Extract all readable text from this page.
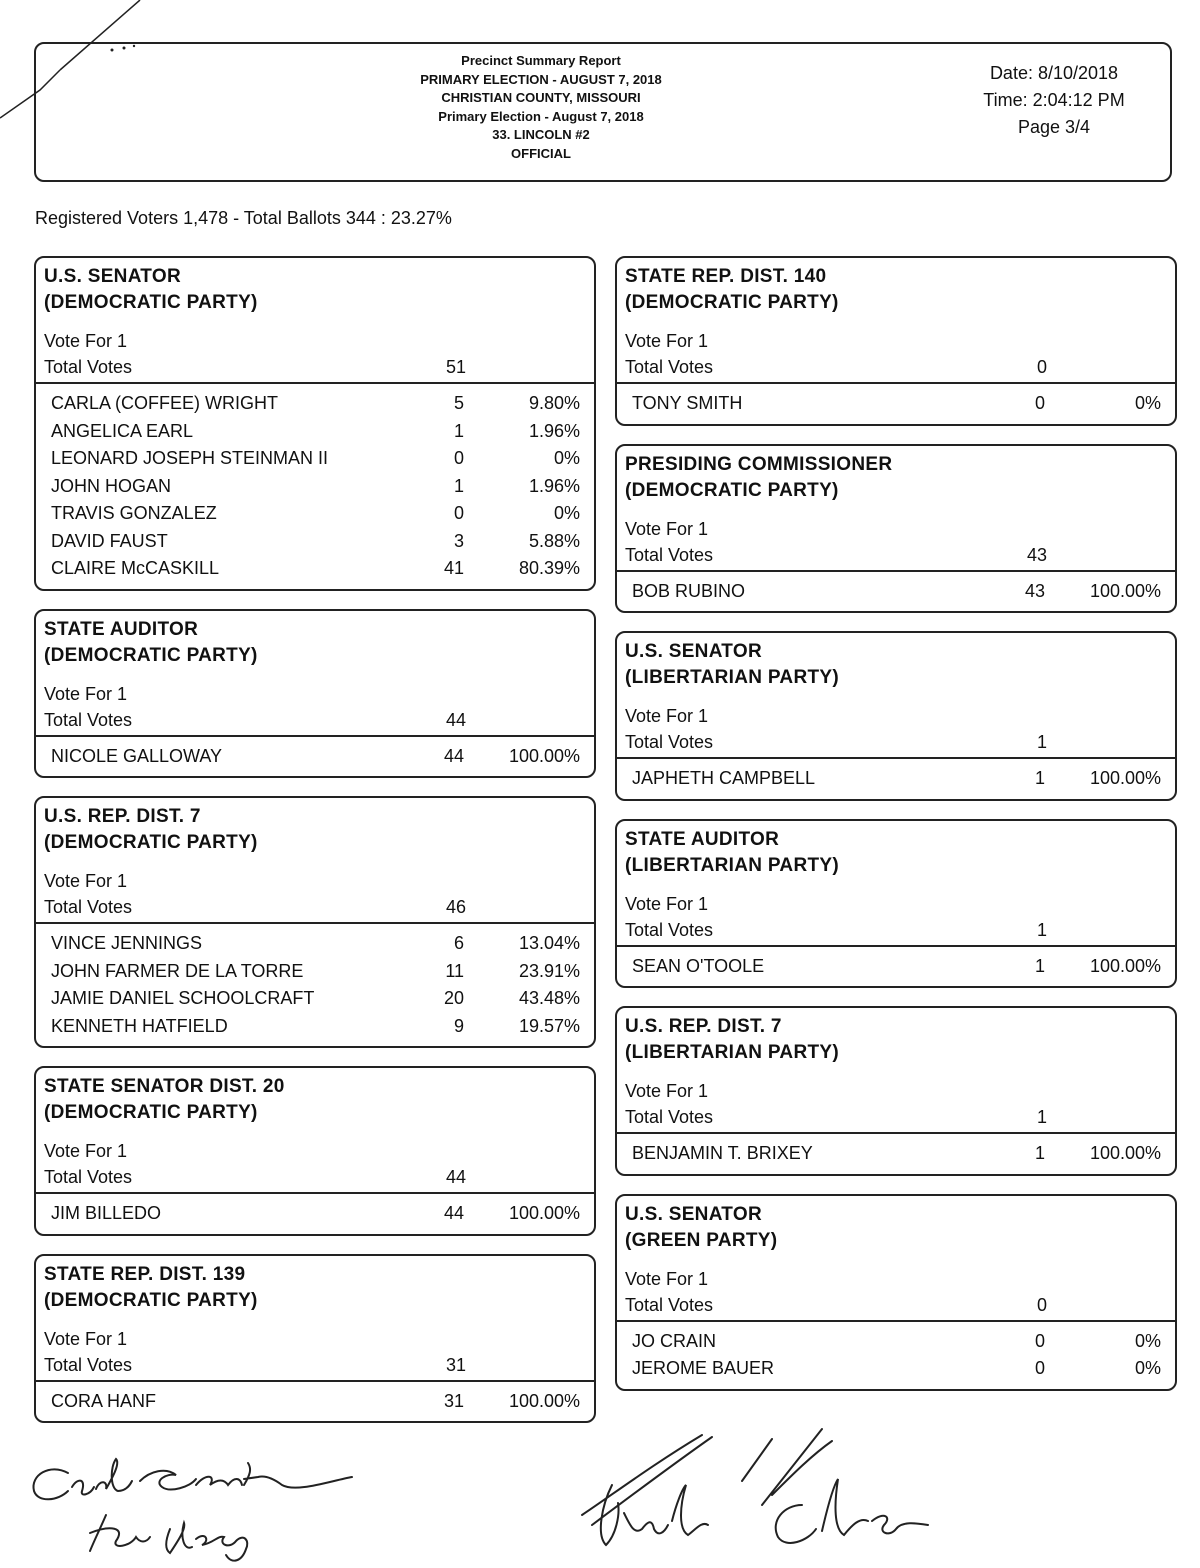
Precinct Summary Report
PRIMARY ELECTION - AUGUST 7, 2018
CHRISTIAN COUNTY, MISSOURI
Primary Election - August 7, 2018
33. LINCOLN #2
OFFICIAL
Date: 8/10/2018
Time: 2:04:12 PM
Page 3/4
Registered Voters 1,478 - Total Ballots 344 : 23.27%
U.S. SENATOR
(DEMOCRATIC PARTY)
Vote For 1
Total Votes	51
CARLA (COFFEE) WRIGHT	5	9.80%
ANGELICA EARL	1	1.96%
LEONARD JOSEPH STEINMAN II	0	0%
JOHN HOGAN	1	1.96%
TRAVIS GONZALEZ	0	0%
DAVID FAUST	3	5.88%
CLAIRE McCASKILL	41	80.39%
STATE AUDITOR
(DEMOCRATIC PARTY)
Vote For 1
Total Votes	44
NICOLE GALLOWAY	44	100.00%
U.S. REP. DIST. 7
(DEMOCRATIC PARTY)
Vote For 1
Total Votes	46
VINCE JENNINGS	6	13.04%
JOHN FARMER DE LA TORRE	11	23.91%
JAMIE DANIEL SCHOOLCRAFT	20	43.48%
KENNETH HATFIELD	9	19.57%
STATE SENATOR DIST. 20
(DEMOCRATIC PARTY)
Vote For 1
Total Votes	44
JIM BILLEDO	44	100.00%
STATE REP. DIST. 139
(DEMOCRATIC PARTY)
Vote For 1
Total Votes	31
CORA HANF	31	100.00%
STATE REP. DIST. 140
(DEMOCRATIC PARTY)
Vote For 1
Total Votes	0
TONY SMITH	0	0%
PRESIDING COMMISSIONER
(DEMOCRATIC PARTY)
Vote For 1
Total Votes	43
BOB RUBINO	43	100.00%
U.S. SENATOR
(LIBERTARIAN PARTY)
Vote For 1
Total Votes	1
JAPHETH CAMPBELL	1	100.00%
STATE AUDITOR
(LIBERTARIAN PARTY)
Vote For 1
Total Votes	1
SEAN O'TOOLE	1	100.00%
U.S. REP. DIST. 7
(LIBERTARIAN PARTY)
Vote For 1
Total Votes	1
BENJAMIN T. BRIXEY	1	100.00%
U.S. SENATOR
(GREEN PARTY)
Vote For 1
Total Votes	0
JO CRAIN	0	0%
JEROME BAUER	0	0%
